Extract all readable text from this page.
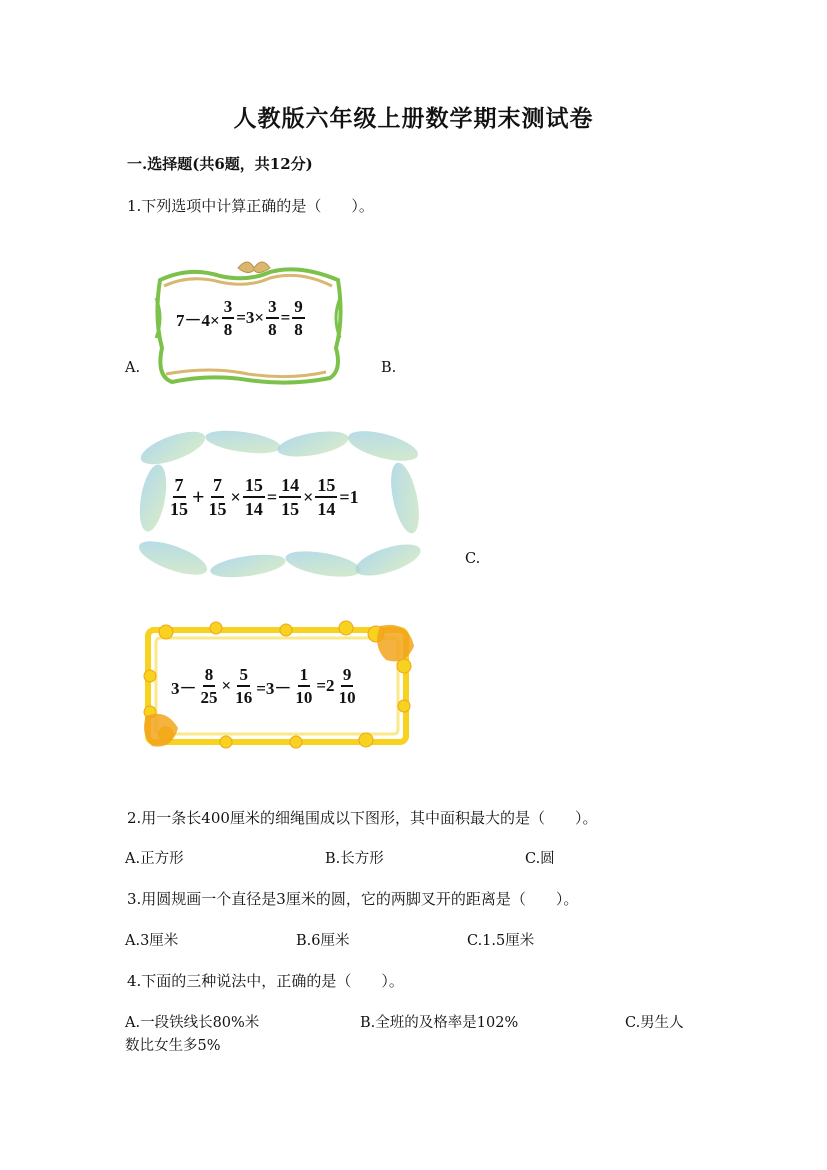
人教版六年级上册数学期末测试卷
一.选择题(共6题，共12分)
1.下列选项中计算正确的是（　　）。
$7-4\times \frac{3}{8} =3\times \frac{3}{8} = \frac{9}{8}$
A.	B.
$\frac{7}{15} + \frac{7}{15} \times \frac{15}{14} = \frac{14}{15} \times \frac{15}{14} =1$
C.
$3- \frac{8}{25} \times \frac{5}{16} =3- \frac{1}{10} =2 \frac{9}{10}$
2.用一条长400厘米的细绳围成以下图形，其中面积最大的是（　　）。
A.正方形	B.长方形	C.圆
3.用圆规画一个直径是3厘米的圆，它的两脚叉开的距离是（　　）。
A.3厘米	B.6厘米	C.1.5厘米
4.下面的三种说法中，正确的是（　　）。
A.一段铁线长80%米	B.全班的及格率是102%	C.男生人
数比女生多5%
